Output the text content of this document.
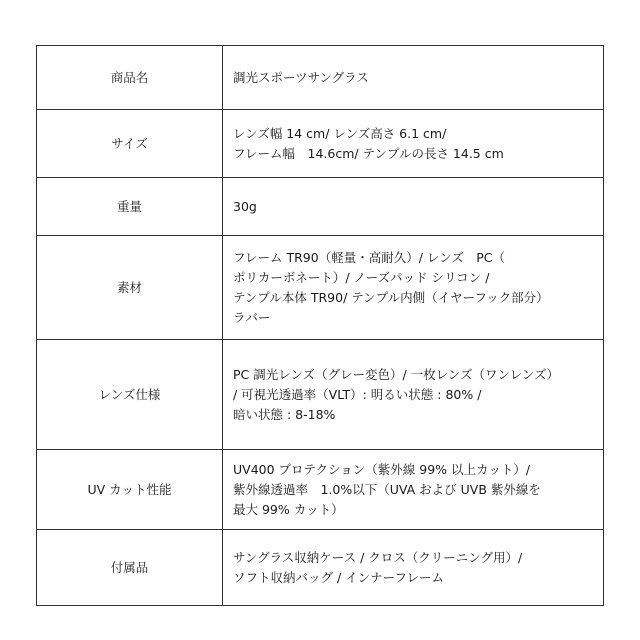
商品名	調光スポーツサングラス

サイズ	レンズ幅 14 cm/ レンズ高さ 6.1 cm/
フレーム幅　14.6cm/ テンプルの長さ 14.5 cm

重量	30g

素材	フレーム TR90（軽量・高耐久）/ レンズ　PC（
ポリカーボネート）/ ノーズパッド シリコン /
テンプル本体 TR90/ テンプル内側（イヤーフック部分）
ラバー

レンズ仕様	PC 調光レンズ（グレー変色）/ 一枚レンズ（ワンレンズ）
/ 可視光透過率（VLT）: 明るい状態 : 80% /
暗い状態 : 8-18%

UV カット性能	UV400 プロテクション（紫外線 99% 以上カット）/
紫外線透過率　1.0%以下（UVA および UVB 紫外線を
最大 99% カット）

付属品	サングラス収納ケース / クロス（クリーニング用）/
ソフト収納バッグ / インナーフレーム
